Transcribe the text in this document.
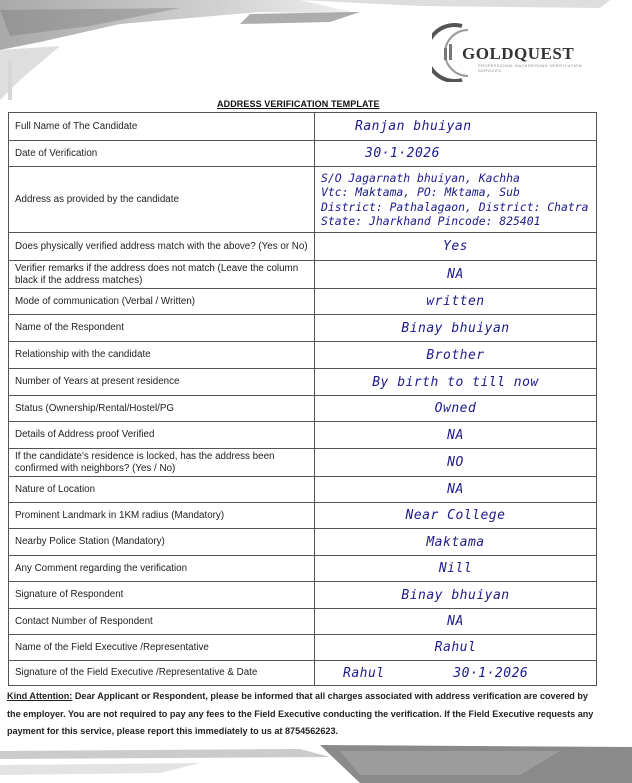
GOLDQUEST
PROFESSIONAL BACKGROUND VERIFICATION SERVICES
ADDRESS VERIFICATION TEMPLATE
Full Name of The Candidate	Ranjan bhuiyan
Date of Verification	30·1·2026
Address as provided by the candidate	S/O Jagarnath bhuiyan, Kachha
Vtc: Maktama, PO: Mktama, Sub
District: Pathalagaon, District: Chatra
State: Jharkhand Pincode: 825401

Does physically verified address match with the above? (Yes or No)	Yes
Verifier remarks if the address does not match (Leave the column black if the address matches)	NA
Mode of communication (Verbal / Written)	written
Name of the Respondent	Binay bhuiyan
Relationship with the candidate	Brother
Number of Years at present residence	By birth to till now
Status (Ownership/Rental/Hostel/PG	Owned
Details of Address proof Verified	NA
If the candidate's residence is locked, has the address been confirmed with neighbors? (Yes / No)	NO
Nature of Location	NA
Prominent Landmark in 1KM radius (Mandatory)	Near College
Nearby Police Station (Mandatory)	Maktama
Any Comment regarding the verification	Nill
Signature of Respondent	Binay bhuiyan
Contact Number of Respondent	NA
Name of the Field Executive /Representative	Rahul
Signature of the Field Executive /Representative & Date	Rahul 30·1·2026
Kind Attention: Dear Applicant or Respondent, please be informed that all charges associated with address verification are covered by the employer. You are not required to pay any fees to the Field Executive conducting the verification. If the Field Executive requests any payment for this service, please report this immediately to us at 8754562623.
